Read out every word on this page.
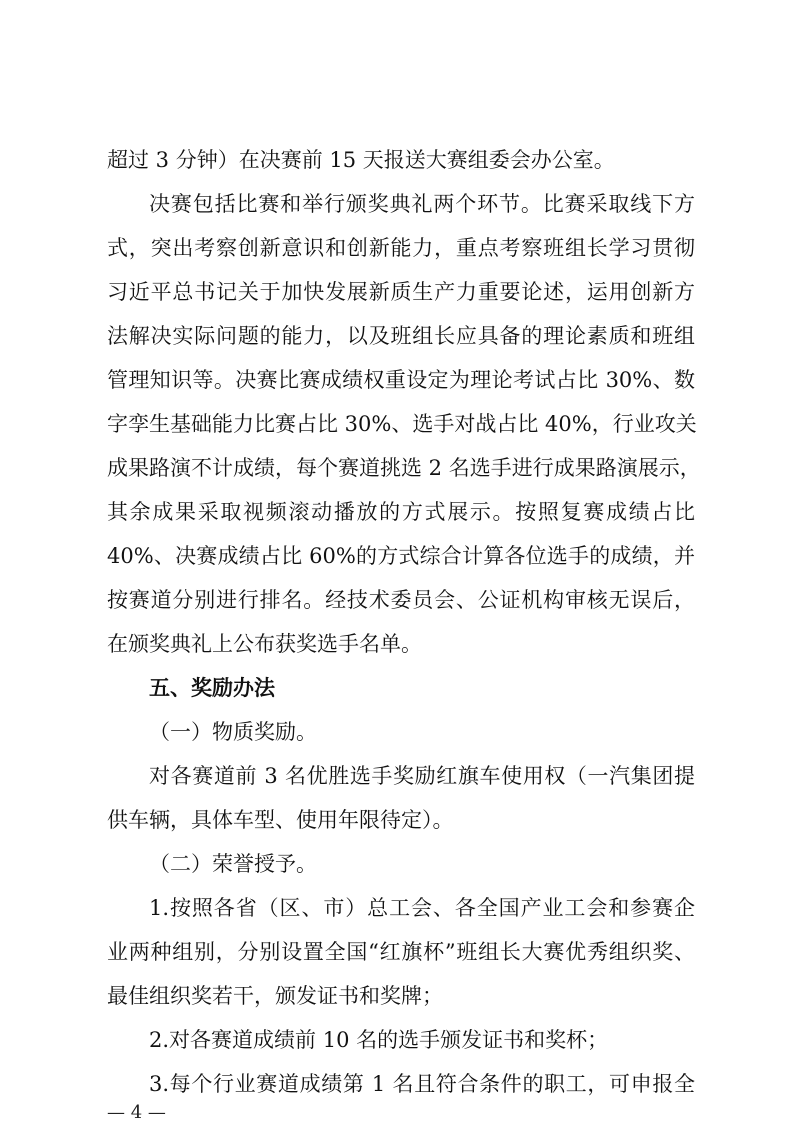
超过 3 分钟）在决赛前 15 天报送大赛组委会办公室。
决赛包括比赛和举行颁奖典礼两个环节。比赛采取线下方
式，突出考察创新意识和创新能力，重点考察班组长学习贯彻
习近平总书记关于加快发展新质生产力重要论述，运用创新方
法解决实际问题的能力，以及班组长应具备的理论素质和班组
管理知识等。决赛比赛成绩权重设定为理论考试占比 30%、数
字孪生基础能力比赛占比 30%、选手对战占比 40%，行业攻关
成果路演不计成绩，每个赛道挑选 2 名选手进行成果路演展示，
其余成果采取视频滚动播放的方式展示。按照复赛成绩占比
40%、决赛成绩占比 60%的方式综合计算各位选手的成绩，并
按赛道分别进行排名。经技术委员会、公证机构审核无误后，
在颁奖典礼上公布获奖选手名单。
五、奖励办法
（一）物质奖励。
对各赛道前 3 名优胜选手奖励红旗车使用权（一汽集团提
供车辆，具体车型、使用年限待定）。
（二）荣誉授予。
1.按照各省（区、市）总工会、各全国产业工会和参赛企
业两种组别，分别设置全国“红旗杯”班组长大赛优秀组织奖、
最佳组织奖若干，颁发证书和奖牌；
2.对各赛道成绩前 10 名的选手颁发证书和奖杯；
3.每个行业赛道成绩第 1 名且符合条件的职工，可申报全
— 4 —
